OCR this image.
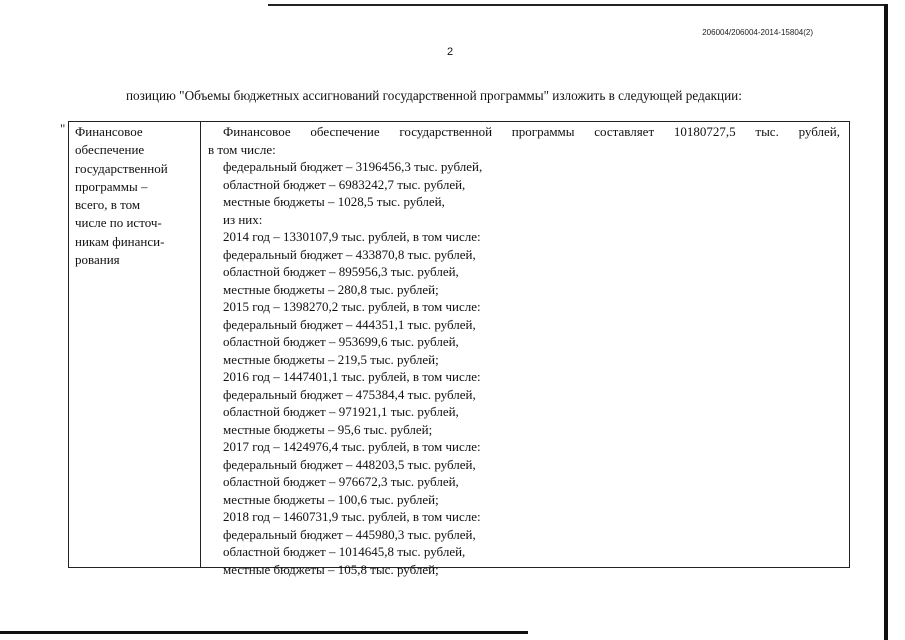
206004/206004-2014-15804(2)
2
позицию "Объемы бюджетных ассигнований государственной программы" изложить в следующей редакции:
" Финансовое
обеспечение
государственной
программы –
всего, в том
числе по источ-
никам финанси-
рования
Финансовое обеспечение государственной программы составляет 10180727,5 тыс. рублей,
в том числе:
федеральный бюджет – 3196456,3 тыс. рублей,
областной бюджет – 6983242,7 тыс. рублей,
местные бюджеты – 1028,5 тыс. рублей,
из них:
2014 год – 1330107,9 тыс. рублей, в том числе:
федеральный бюджет – 433870,8 тыс. рублей,
областной бюджет – 895956,3 тыс. рублей,
местные бюджеты – 280,8 тыс. рублей;
2015 год – 1398270,2 тыс. рублей, в том числе:
федеральный бюджет – 444351,1 тыс. рублей,
областной бюджет – 953699,6 тыс. рублей,
местные бюджеты – 219,5 тыс. рублей;
2016 год – 1447401,1 тыс. рублей, в том числе:
федеральный бюджет – 475384,4 тыс. рублей,
областной бюджет – 971921,1 тыс. рублей,
местные бюджеты – 95,6 тыс. рублей;
2017 год – 1424976,4 тыс. рублей, в том числе:
федеральный бюджет – 448203,5 тыс. рублей,
областной бюджет – 976672,3 тыс. рублей,
местные бюджеты – 100,6 тыс. рублей;
2018 год – 1460731,9 тыс. рублей, в том числе:
федеральный бюджет – 445980,3 тыс. рублей,
областной бюджет – 1014645,8 тыс. рублей,
местные бюджеты – 105,8 тыс. рублей;
